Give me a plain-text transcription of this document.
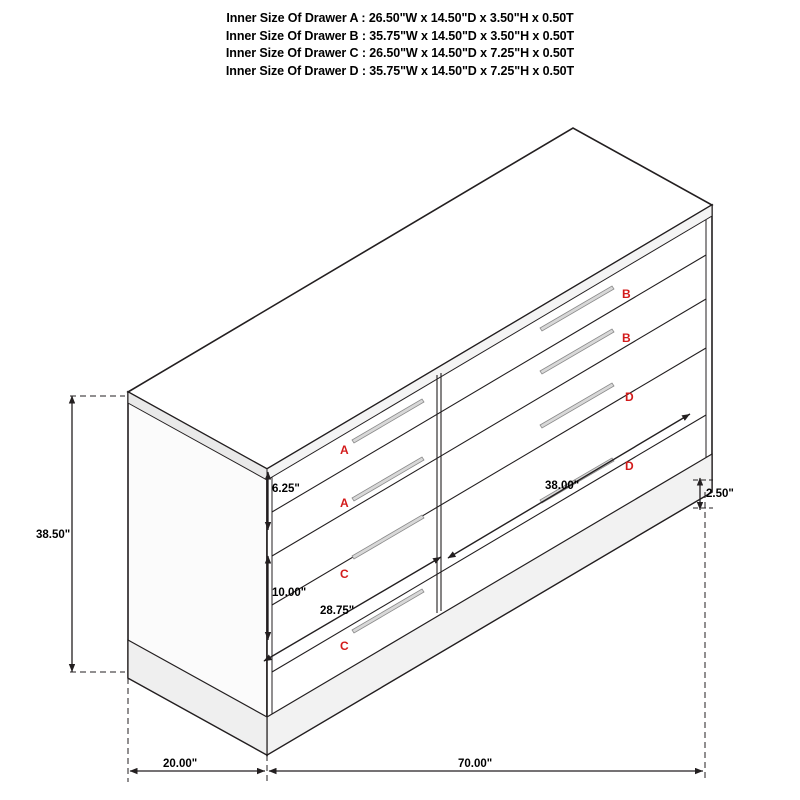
Inner Size Of Drawer A : 26.50"W x 14.50"D x 3.50"H x 0.50T
Inner Size Of Drawer B : 35.75"W x 14.50"D x 3.50"H x 0.50T
Inner Size Of Drawer C : 26.50"W x 14.50"D x 7.25"H x 0.50T
Inner Size Of Drawer D : 35.75"W x 14.50"D x 7.25"H x 0.50T
A
A
C
C
B
B
D
D
38.50"
6.25"
10.00"
2.50"
28.75"
38.00"
20.00"	70.00"
